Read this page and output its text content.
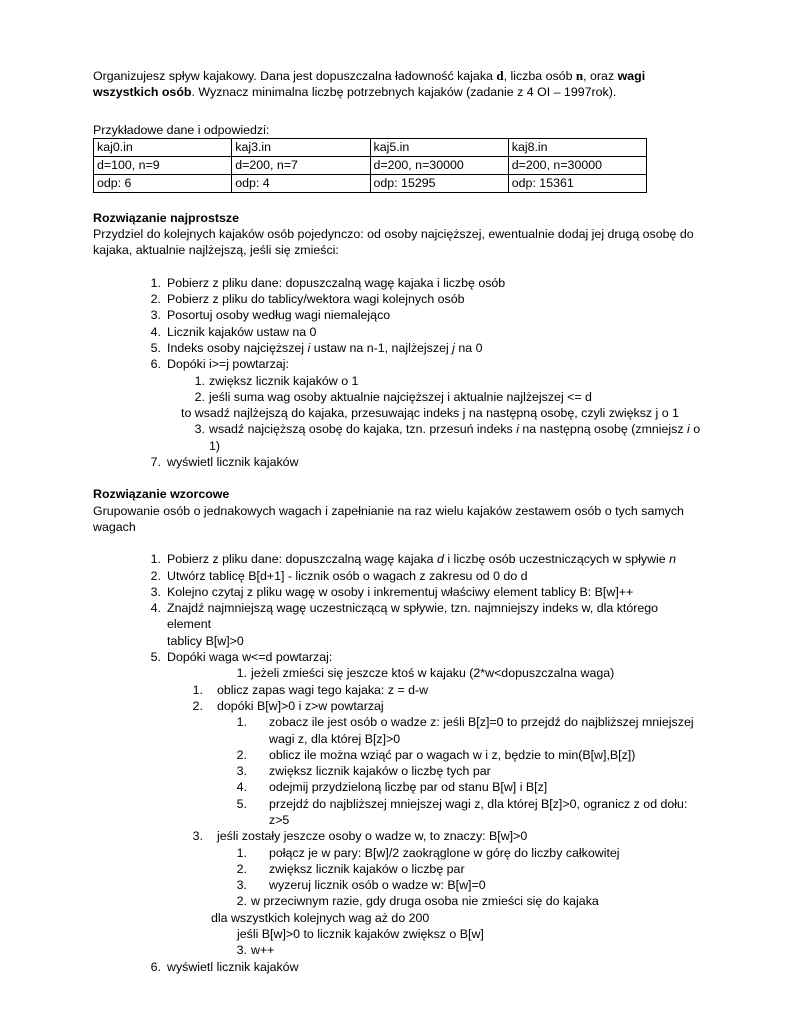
Organizujesz spływ kajakowy. Dana jest dopuszczalna ładowność kajaka d, liczba osób n, oraz wagi wszystkich osób. Wyznacz minimalna liczbę potrzebnych kajaków (zadanie z 4 OI – 1997rok).

Przykładowe dane i odpowiedzi:

kaj0.in	kaj3.in	kaj5.in	kaj8.in
d=100, n=9	d=200, n=7	d=200, n=30000	d=200, n=30000
odp: 6	odp: 4	odp: 15295	odp: 15361

Rozwiązanie najprostsze

Przydziel do kolejnych kajaków osób pojedynczo: od osoby najcięższej, ewentualnie dodaj jej drugą osobę do kajaka, aktualnie najlżejszą, jeśli się zmieści:

1. Pobierz z pliku dane: dopuszczalną wagę kajaka i liczbę osób
2. Pobierz z pliku do tablicy/wektora wagi kolejnych osób
3. Posortuj osoby według wagi niemalejąco
4. Licznik kajaków ustaw na 0
5. Indeks osoby najcięższej i ustaw na n-1, najlżejszej j na 0
6. Dopóki i>=j powtarzaj:
1. zwiększ licznik kajaków o 1
2. jeśli suma wag osoby aktualnie najcięższej i aktualnie najlżejszej <= d
to wsadź najlżejszą do kajaka, przesuwając indeks j na następną osobę, czyli zwiększ j o 1
3. wsadź najcięższą osobę do kajaka, tzn. przesuń indeks i na następną osobę (zmniejsz i o 1)
7. wyświetl licznik kajaków

Rozwiązanie wzorcowe

Grupowanie osób o jednakowych wagach i zapełnianie na raz wielu kajaków zestawem osób o tych samych wagach

1. Pobierz z pliku dane: dopuszczalną wagę kajaka d i liczbę osób uczestniczących w spływie n
2. Utwórz tablicę B[d+1] - licznik osób o wagach z zakresu od 0 do d
3. Kolejno czytaj z pliku wagę w osoby i inkrementuj właściwy element tablicy B: B[w]++
4. Znajdź najmniejszą wagę uczestniczącą w spływie, tzn. najmniejszy indeks w, dla którego element
tablicy B[w]>0
5. Dopóki waga w<=d powtarzaj:
1. jeżeli zmieści się jeszcze ktoś w kajaku (2*w<dopuszczalna waga)
1. oblicz zapas wagi tego kajaka: z = d-w
2. dopóki B[w]>0 i z>w powtarzaj
1. zobacz ile jest osób o wadze z: jeśli B[z]=0 to przejdź do najbliższej mniejszej
wagi z, dla której B[z]>0
2. oblicz ile można wziąć par o wagach w i z, będzie to min(B[w],B[z])
3. zwiększ licznik kajaków o liczbę tych par
4. odejmij przydzieloną liczbę par od stanu B[w] i B[z]
5. przejdź do najbliższej mniejszej wagi z, dla której B[z]>0, ogranicz z od dołu:
z>5
3. jeśli zostały jeszcze osoby o wadze w, to znaczy: B[w]>0
1. połącz je w pary: B[w]/2 zaokrąglone w górę do liczby całkowitej
2. zwiększ licznik kajaków o liczbę par
3. wyzeruj licznik osób o wadze w: B[w]=0
2. w przeciwnym razie, gdy druga osoba nie zmieści się do kajaka
dla wszystkich kolejnych wag aż do 200
jeśli B[w]>0 to licznik kajaków zwiększ o B[w]
3. w++
6. wyświetl licznik kajaków
